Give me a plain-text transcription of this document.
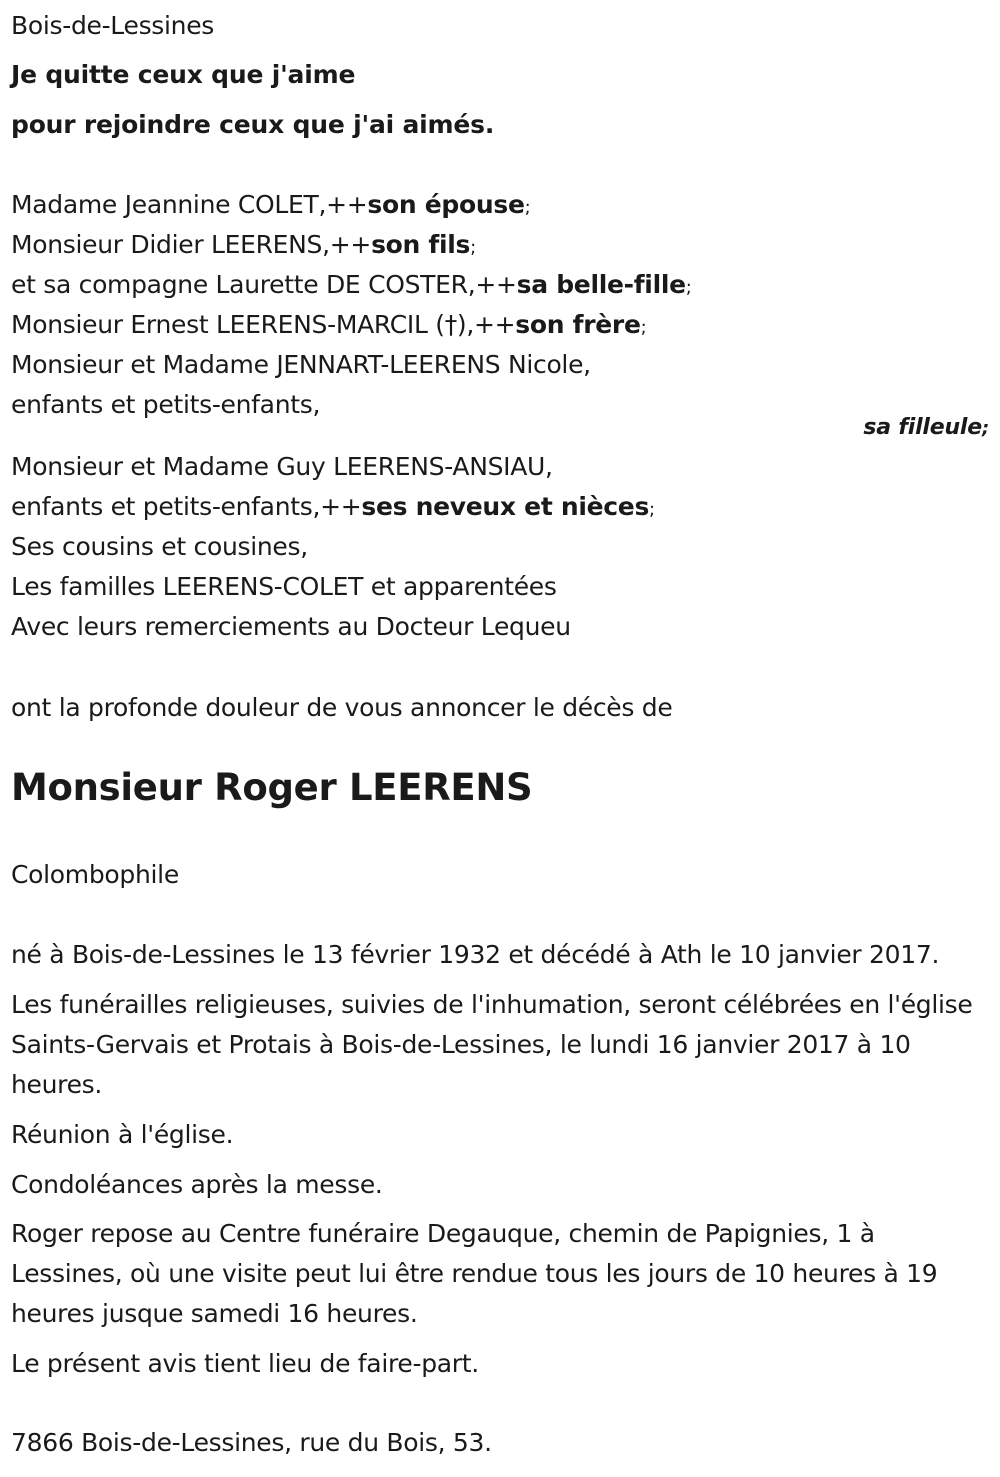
Bois-de-Lessines
Je quitte ceux que j'aime
pour rejoindre ceux que j'ai aimés.
Madame Jeannine COLET,++son épouse;
Monsieur Didier LEERENS,++son fils;
et sa compagne Laurette DE COSTER,++sa belle-fille;
Monsieur Ernest LEERENS-MARCIL (†),++son frère;
Monsieur et Madame JENNART-LEERENS Nicole,
enfants et petits-enfants,
sa filleule;
Monsieur et Madame Guy LEERENS-ANSIAU,
enfants et petits-enfants,++ses neveux et nièces;
Ses cousins et cousines,
Les familles LEERENS-COLET et apparentées
Avec leurs remerciements au Docteur Lequeu
ont la profonde douleur de vous annoncer le décès de
Monsieur Roger LEERENS
Colombophile
né à Bois-de-Lessines le 13 février 1932 et décédé à Ath le 10 janvier 2017.
Les funérailles religieuses, suivies de l'inhumation, seront célébrées en l'église Saints-Gervais et Protais à Bois-de-Lessines, le lundi 16 janvier 2017 à 10 heures.
Réunion à l'église.
Condoléances après la messe.
Roger repose au Centre funéraire Degauque, chemin de Papignies, 1 à Lessines, où une visite peut lui être rendue tous les jours de 10 heures à 19 heures jusque samedi 16 heures.
Le présent avis tient lieu de faire-part.
7866 Bois-de-Lessines, rue du Bois, 53.
